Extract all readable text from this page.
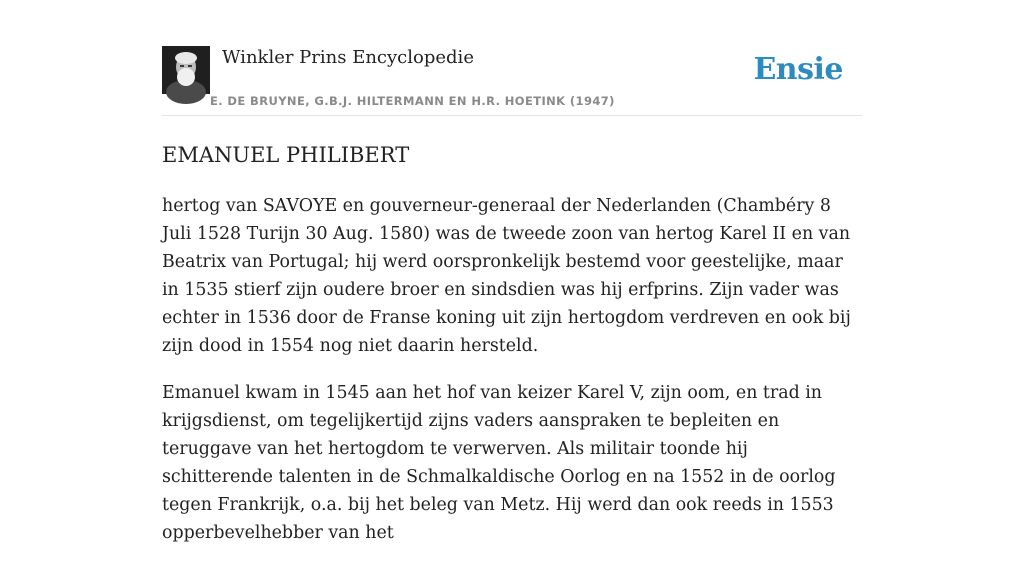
Winkler Prins Encyclopedie
E. DE BRUYNE, G.B.J. HILTERMANN EN H.R. HOETINK (1947)
Ensie
EMANUEL PHILIBERT

hertog van SAVOYE en gouverneur-generaal der Nederlanden (Chambéry 8 Juli 1528 Turijn 30 Aug. 1580) was de tweede zoon van hertog Karel II en van Beatrix van Portugal; hij werd oorspronkelijk bestemd voor geestelijke, maar in 1535 stierf zijn oudere broer en sindsdien was hij erfprins. Zijn vader was echter in 1536 door de Franse koning uit zijn hertogdom verdreven en ook bij zijn dood in 1554 nog niet daarin hersteld.

Emanuel kwam in 1545 aan het hof van keizer Karel V, zijn oom, en trad in krijgsdienst, om tegelijkertijd zijns vaders aanspraken te bepleiten en teruggave van het hertogdom te verwerven. Als militair toonde hij schitterende talenten in de Schmalkaldische Oorlog en na 1552 in de oorlog tegen Frankrijk, o.a. bij het beleg van Metz. Hij werd dan ook reeds in 1553 opperbevelhebber van het
